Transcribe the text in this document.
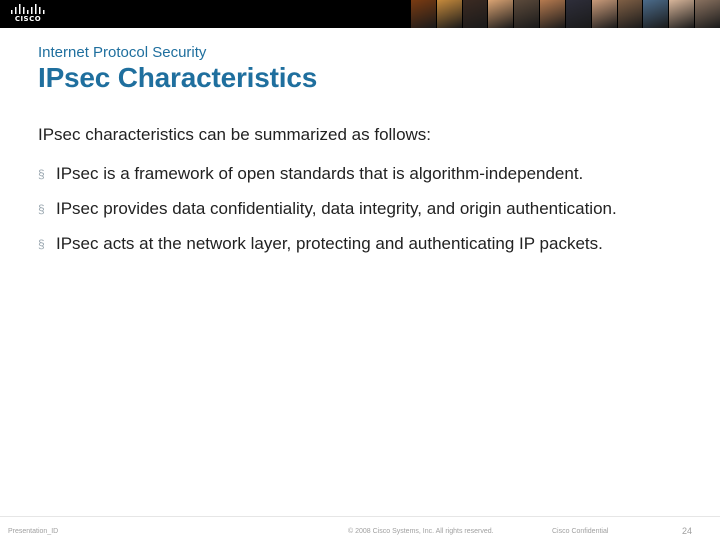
CISCO
Internet Protocol Security
IPsec Characteristics
IPsec characteristics can be summarized as follows:
§ IPsec is a framework of open standards that is algorithm-independent.
§ IPsec provides data confidentiality, data integrity, and origin authentication.
§ IPsec acts at the network layer, protecting and authenticating IP packets.
Presentation_ID	© 2008 Cisco Systems, Inc. All rights reserved.	Cisco Confidential	24
